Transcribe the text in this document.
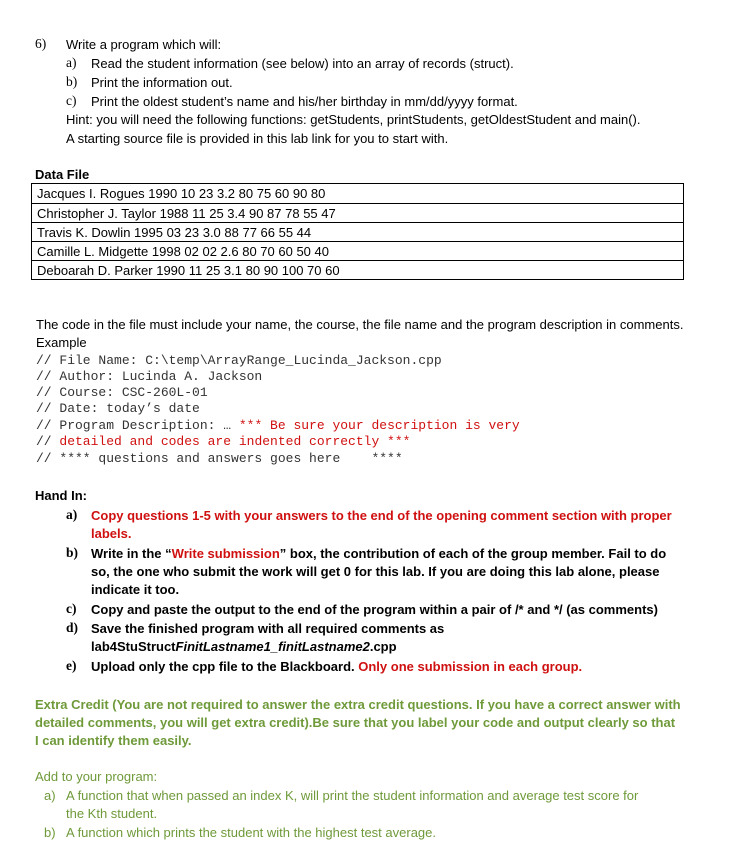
6) Write a program which will:
a) Read the student information (see below) into an array of records (struct).
b) Print the information out.
c) Print the oldest student’s name and his/her birthday in mm/dd/yyyy format.
Hint: you will need the following functions: getStudents, printStudents, getOldestStudent and main().
A starting source file is provided in this lab link for you to start with.
Data File
Jacques I. Rogues 1990 10 23 3.2 80 75 60 90 80
Christopher J. Taylor 1988 11 25 3.4 90 87 78 55 47
Travis K. Dowlin 1995 03 23 3.0 88 77 66 55 44
Camille L. Midgette 1998 02 02 2.6 80 70 60 50 40
Deboarah D. Parker 1990 11 25 3.1 80 90 100 70 60
The code in the file must include your name, the course, the file name and the program description in comments. Example
// File Name: C:\temp\ArrayRange_Lucinda_Jackson.cpp
// Author: Lucinda A. Jackson
// Course: CSC-260L-01
// Date: today’s date
// Program Description: … *** Be sure your description is very
// detailed and codes are indented correctly ***
// **** questions and answers goes here    ****
Hand In:
a) Copy questions 1-5 with your answers to the end of the opening comment section with proper
labels.
b) Write in the “Write submission” box, the contribution of each of the group member. Fail to do
so, the one who submit the work will get 0 for this lab. If you are doing this lab alone, please
indicate it too.
c) Copy and paste the output to the end of the program within a pair of /* and */ (as comments)
d) Save the finished program with all required comments as
lab4StuStructFinitLastname1_finitLastname2.cpp
e) Upload only the cpp file to the Blackboard. Only one submission in each group.
Extra Credit (You are not required to answer the extra credit questions. If you have a correct answer with
detailed comments, you will get extra credit).Be sure that you label your code and output clearly so that
I can identify them easily.
Add to your program:
a) A function that when passed an index K, will print the student information and average test score for
the Kth student.
b) A function which prints the student with the highest test average.
